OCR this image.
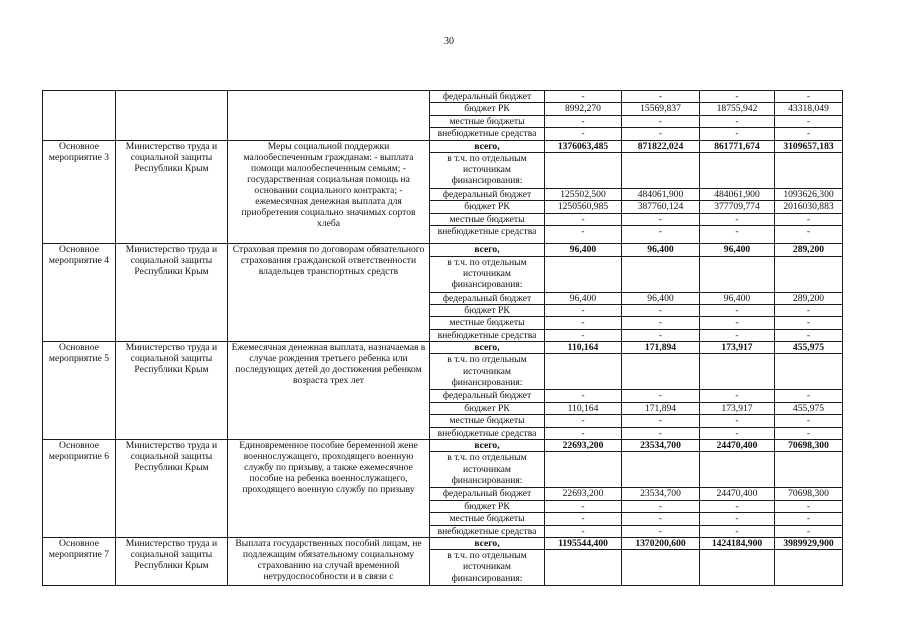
30
			федеральный бюджет	-	-	-	-
			бюджет РК	8992,270	15569,837	18755,942	43318,049
			местные бюджеты	-	-	-	-
			внебюджетные средства	-	-	-	-
Основное мероприятие 3	Министерство труда и социальной защиты Республики Крым	Меры социальной поддержки малообеспеченным гражданам: - выплата помощи малообеспеченным семьям; - государственная социальная помощь на основании социального контракта; - ежемесячная денежная выплата для приобретения социально значимых сортов хлеба	всего,	1376063,485	871822,024	861771,674	3109657,183
			в т.ч. по отдельным источникам финансирования:				
			федеральный бюджет	125502,500	484061,900	484061,900	1093626,300
			бюджет РК	1250560,985	387760,124	377709,774	2016030,883
			местные бюджеты	-	-	-	-
			внебюджетные средства	-	-	-	-
Основное мероприятие 4	Министерство труда и социальной защиты Республики Крым	Страховая премия по договорам обязательного страхования гражданской ответственности владельцев транспортных средств	всего,	96,400	96,400	96,400	289,200
			в т.ч. по отдельным источникам финансирования:				
			федеральный бюджет	96,400	96,400	96,400	289,200
			бюджет РК	-	-	-	-
			местные бюджеты	-	-	-	-
			внебюджетные средства	-	-	-	-
Основное мероприятие 5	Министерство труда и социальной защиты Республики Крым	Ежемесячная денежная выплата, назначаемая в случае рождения третьего ребенка или последующих детей до достижения ребенком возраста трех лет	всего,	110,164	171,894	173,917	455,975
			в т.ч. по отдельным источникам финансирования:				
			федеральный бюджет	-	-	-	-
			бюджет РК	110,164	171,894	173,917	455,975
			местные бюджеты	-	-	-	-
			внебюджетные средства	-	-	-	-
Основное мероприятие 6	Министерство труда и социальной защиты Республики Крым	Единовременное пособие беременной жене военнослужащего, проходящего военную службу по призыву, а также ежемесячное пособие на ребенка военнослужащего, проходящего военную службу по призыву	всего,	22693,200	23534,700	24470,400	70698,300
			в т.ч. по отдельным источникам финансирования:				
			федеральный бюджет	22693,200	23534,700	24470,400	70698,300
			бюджет РК	-	-	-	-
			местные бюджеты	-	-	-	-
			внебюджетные средства	-	-	-	-
Основное мероприятие 7	Министерство труда и социальной защиты Республики Крым	Выплата государственных пособий лицам, не подлежащим обязательному социальному страхованию на случай временной нетрудоспособности и в связи с	всего,	1195544,400	1370200,600	1424184,900	3989929,900
			в т.ч. по отдельным источникам финансирования:				
